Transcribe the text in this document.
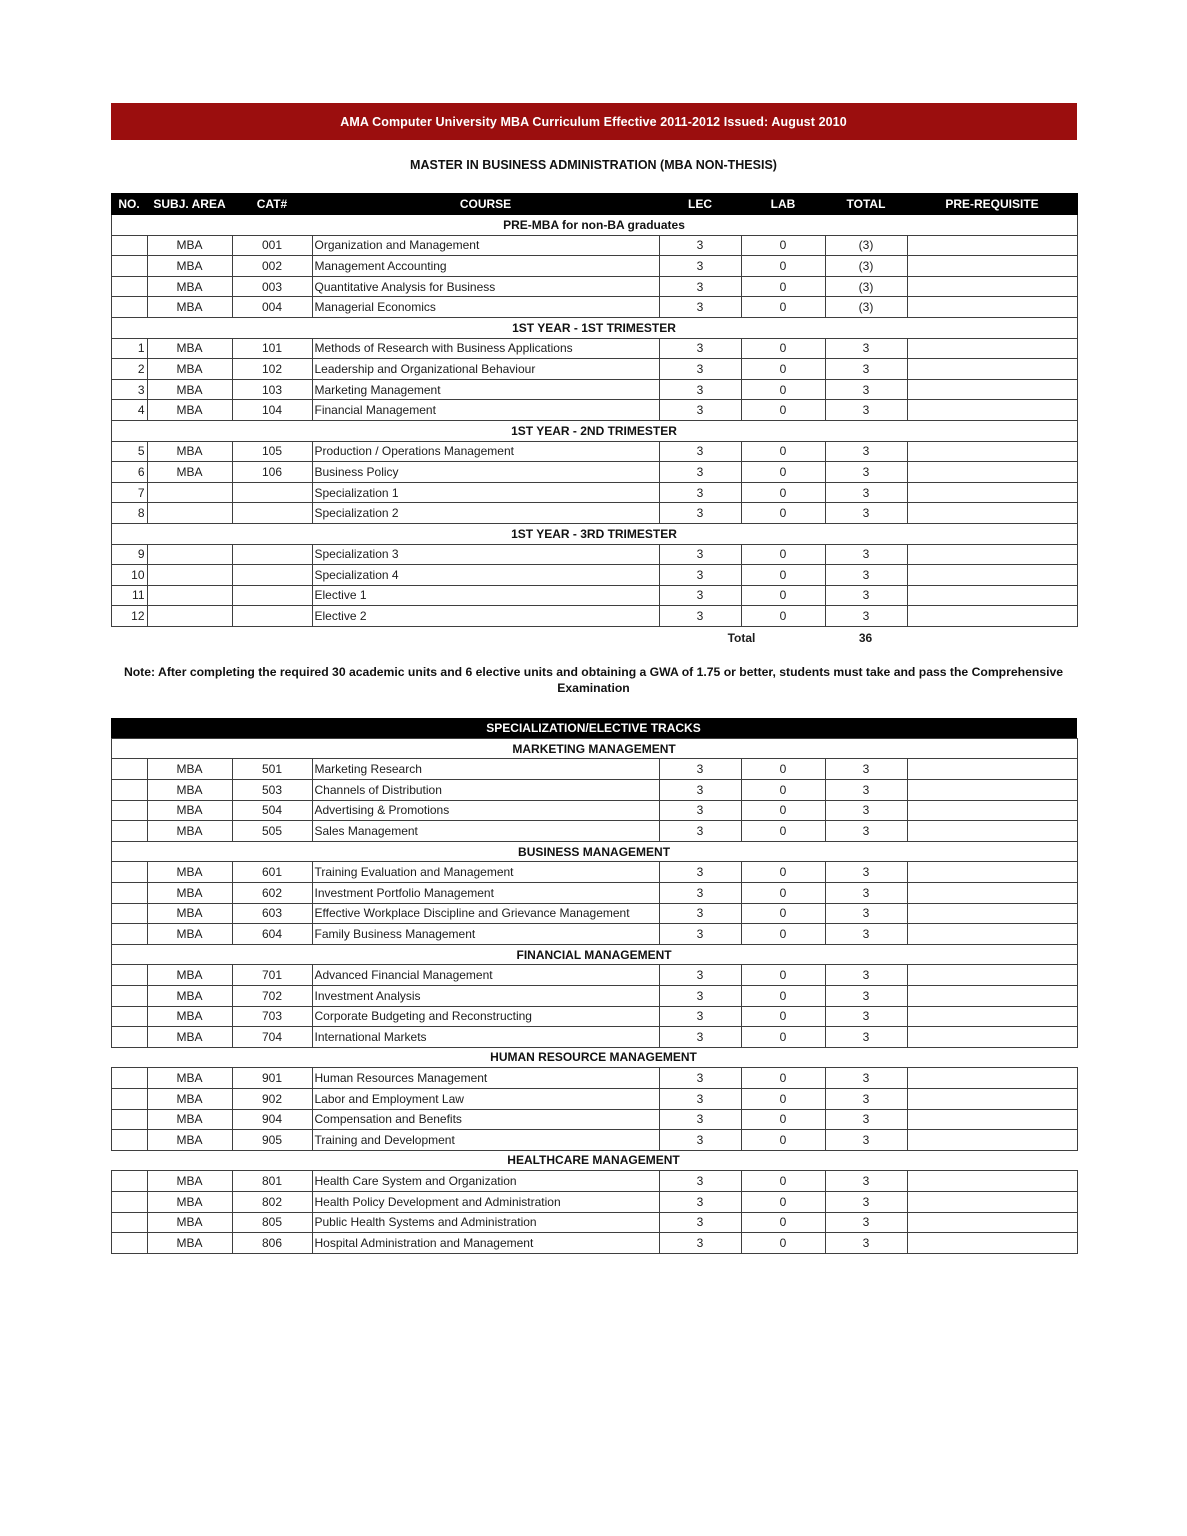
AMA Computer University MBA Curriculum Effective 2011-2012 Issued: August 2010
MASTER IN BUSINESS ADMINISTRATION (MBA NON-THESIS)
NO.	SUBJ. AREA	CAT#	COURSE	LEC	LAB	TOTAL	PRE-REQUISITE
PRE-MBA for non-BA graduates							
	MBA	001	Organization and Management	3	0	(3)	
	MBA	002	Management Accounting	3	0	(3)	
	MBA	003	Quantitative Analysis for Business	3	0	(3)	
	MBA	004	Managerial Economics	3	0	(3)	
1ST YEAR - 1ST TRIMESTER							
1	MBA	101	Methods of Research with Business Applications	3	0	3	
2	MBA	102	Leadership and Organizational Behaviour	3	0	3	
3	MBA	103	Marketing Management	3	0	3	
4	MBA	104	Financial Management	3	0	3	
1ST YEAR - 2ND TRIMESTER							
5	MBA	105	Production / Operations Management	3	0	3	
6	MBA	106	Business Policy	3	0	3	
7			Specialization 1	3	0	3	
8			Specialization 2	3	0	3	
1ST YEAR - 3RD TRIMESTER							
9			Specialization 3	3	0	3	
10			Specialization 4	3	0	3	
11			Elective 1	3	0	3	
12			Elective 2	3	0	3	
Total	36
Note: After completing the required 30 academic units and 6 elective units and obtaining a GWA of 1.75 or better, students must take and pass the Comprehensive
Examination
SPECIALIZATION/ELECTIVE TRACKS
MARKETING MANAGEMENT							
	MBA	501	Marketing Research	3	0	3	
	MBA	503	Channels of Distribution	3	0	3	
	MBA	504	Advertising & Promotions	3	0	3	
	MBA	505	Sales Management	3	0	3	
BUSINESS MANAGEMENT							
	MBA	601	Training Evaluation and Management	3	0	3	
	MBA	602	Investment Portfolio Management	3	0	3	
	MBA	603	Effective Workplace Discipline and Grievance Management	3	0	3	
	MBA	604	Family Business Management	3	0	3	
FINANCIAL MANAGEMENT							
	MBA	701	Advanced Financial Management	3	0	3	
	MBA	702	Investment Analysis	3	0	3	
	MBA	703	Corporate Budgeting and Reconstructing	3	0	3	
	MBA	704	International Markets	3	0	3	
HUMAN RESOURCE MANAGEMENT
	MBA	901	Human Resources Management	3	0	3	
	MBA	902	Labor and Employment Law	3	0	3	
	MBA	904	Compensation and Benefits	3	0	3	
	MBA	905	Training and Development	3	0	3	
HEALTHCARE MANAGEMENT
	MBA	801	Health Care System and Organization	3	0	3	
	MBA	802	Health Policy Development and Administration	3	0	3	
	MBA	805	Public Health Systems and Administration	3	0	3	
	MBA	806	Hospital Administration and Management	3	0	3	
